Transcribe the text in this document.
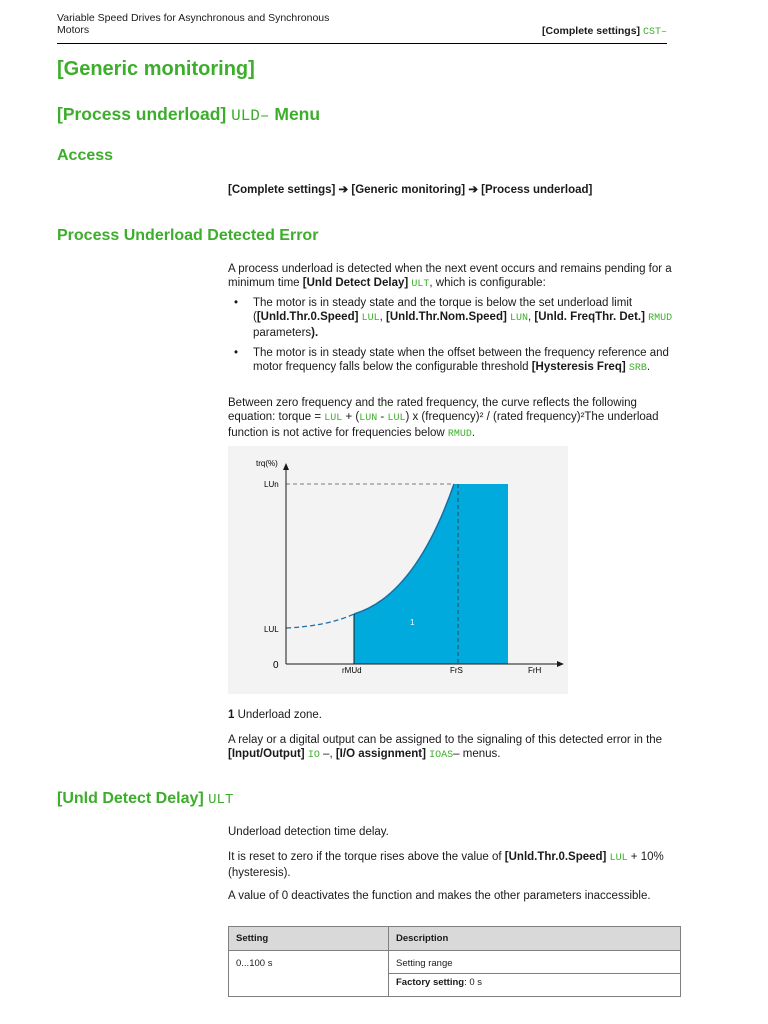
Variable Speed Drives for Asynchronous and Synchronous
Motors	[Complete settings] CST–
[Generic monitoring]
[Process underload] ULD– Menu
Access
[Complete settings] ➔ [Generic monitoring] ➔ [Process underload]
Process Underload Detected Error
A process underload is detected when the next event occurs and remains pending for a minimum time [Unld Detect Delay] ULT, which is configurable:
• The motor is in steady state and the torque is below the set underload limit ([Unld.Thr.0.Speed] LUL, [Unld.Thr.Nom.Speed] LUN, [Unld. FreqThr. Det.] RMUD parameters).
• The motor is in steady state when the offset between the frequency reference and motor frequency falls below the configurable threshold [Hysteresis Freq] SRB.
Between zero frequency and the rated frequency, the curve reflects the following equation: torque = LUL + (LUN - LUL) x (frequency)² / (rated frequency)²The underload function is not active for frequencies below RMUD.
trq(%)
LUn
LUL
0	rMUd	FrS	FrH
1
1 Underload zone.
A relay or a digital output can be assigned to the signaling of this detected error in the [Input/Output] IO –, [I/O assignment] IOAS– menus.
[Unld Detect Delay] ULT
Underload detection time delay.
It is reset to zero if the torque rises above the value of [Unld.Thr.0.Speed] LUL + 10% (hysteresis).
A value of 0 deactivates the function and makes the other parameters inaccessible.
Setting	Description

0...100 s	Setting range
Factory setting: 0 s
